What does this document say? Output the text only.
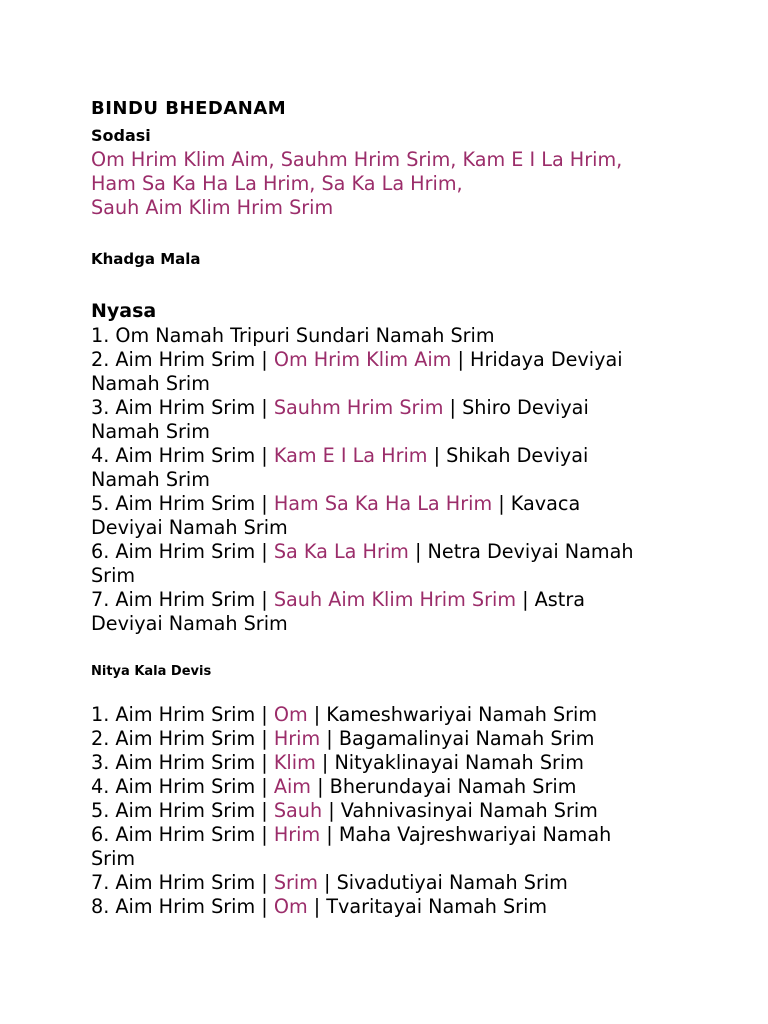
BINDU BHEDANAM
Sodasi
Om Hrim Klim Aim, Sauhm Hrim Srim, Kam E I La Hrim,
Ham Sa Ka Ha La Hrim, Sa Ka La Hrim,
Sauh Aim Klim Hrim Srim
Khadga Mala
Nyasa
1. Om Namah Tripuri Sundari Namah Srim
2. Aim Hrim Srim | Om Hrim Klim Aim | Hridaya Deviyai
Namah Srim
3. Aim Hrim Srim | Sauhm Hrim Srim | Shiro Deviyai
Namah Srim
4. Aim Hrim Srim | Kam E I La Hrim | Shikah Deviyai
Namah Srim
5. Aim Hrim Srim | Ham Sa Ka Ha La Hrim | Kavaca
Deviyai Namah Srim
6. Aim Hrim Srim | Sa Ka La Hrim | Netra Deviyai Namah
Srim
7. Aim Hrim Srim | Sauh Aim Klim Hrim Srim | Astra
Deviyai Namah Srim
Nitya Kala Devis
1. Aim Hrim Srim | Om | Kameshwariyai Namah Srim
2. Aim Hrim Srim | Hrim | Bagamalinyai Namah Srim
3. Aim Hrim Srim | Klim | Nityaklinayai Namah Srim
4. Aim Hrim Srim | Aim | Bherundayai Namah Srim
5. Aim Hrim Srim | Sauh | Vahnivasinyai Namah Srim
6. Aim Hrim Srim | Hrim | Maha Vajreshwariyai Namah
Srim
7. Aim Hrim Srim | Srim | Sivadutiyai Namah Srim
8. Aim Hrim Srim | Om | Tvaritayai Namah Srim
